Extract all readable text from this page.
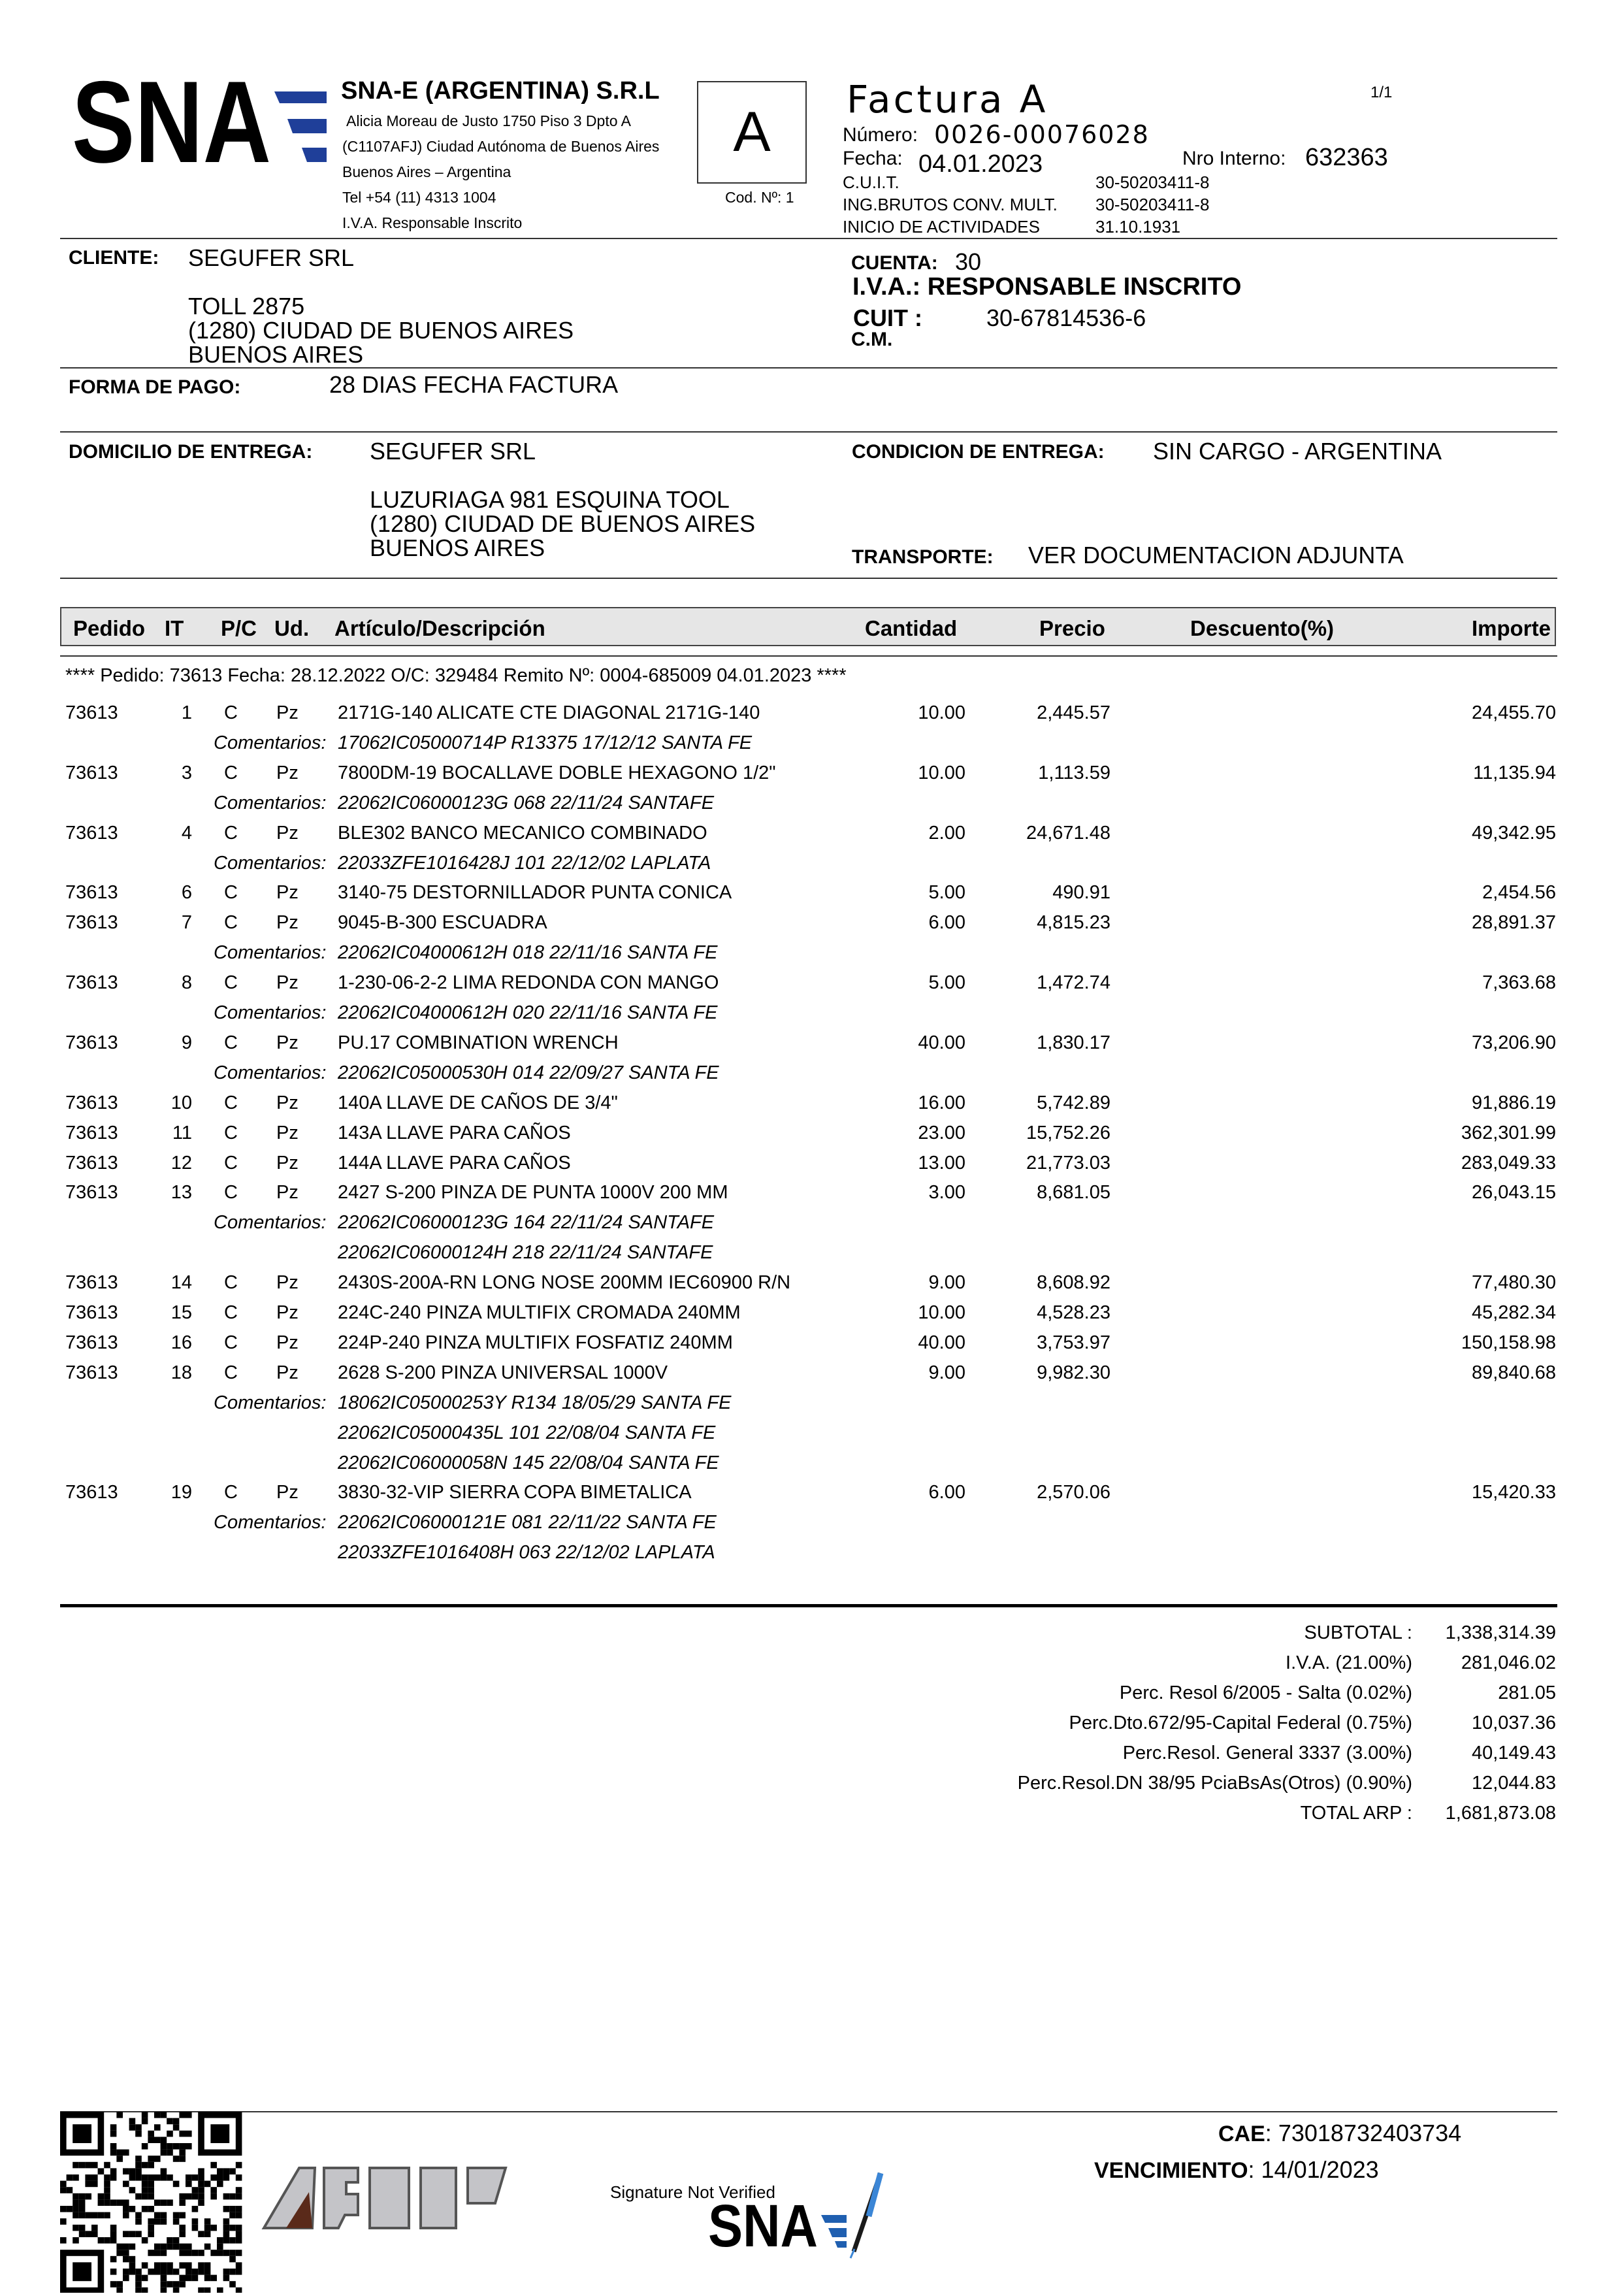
SNA	SNA-E (ARGENTINA) S.R.L
Alicia Moreau de Justo 1750 Piso 3 Dpto A
(C1107AFJ) Ciudad Autónoma de Buenos Aires
Buenos Aires – Argentina
Tel +54 (11) 4313 1004
I.V.A. Responsable Inscrito
A
Cod. Nº: 1
Factura A	1/1
Número: 0026-00076028
Fecha: 04.01.2023	Nro Interno: 632363
C.U.I.T.	30-50203411-8
ING.BRUTOS CONV. MULT. 30-50203411-8
INICIO DE ACTIVIDADES	31.10.1931
CLIENTE: SEGUFER SRL
TOLL 2875
(1280) CIUDAD DE BUENOS AIRES
BUENOS AIRES
CUENTA: 30
I.V.A.: RESPONSABLE INSCRITO
CUIT :	30-67814536-6
C.M.
FORMA DE PAGO:	28 DIAS FECHA FACTURA
DOMICILIO DE ENTREGA: SEGUFER SRL
LUZURIAGA 981 ESQUINA TOOL
(1280) CIUDAD DE BUENOS AIRES
BUENOS AIRES
CONDICION DE ENTREGA: SIN CARGO - ARGENTINA
TRANSPORTE: VER DOCUMENTACION ADJUNTA
Pedido IT P/C Ud. Artículo/Descripción	Cantidad	Precio	Descuento(%)	Importe
**** Pedido: 73613 Fecha: 28.12.2022 O/C: 329484 Remito Nº: 0004-685009 04.01.2023 ****
73613	1 C Pz 2171G-140 ALICATE CTE DIAGONAL 2171G-140	10.00	2,445.57	24,455.70
Comentarios: 17062IC05000714P R13375 17/12/12 SANTA FE
73613	3 C Pz 7800DM-19 BOCALLAVE DOBLE HEXAGONO 1/2"	10.00	1,113.59	11,135.94
Comentarios: 22062IC06000123G 068 22/11/24 SANTAFE
73613	4 C Pz BLE302 BANCO MECANICO COMBINADO	2.00	24,671.48	49,342.95
Comentarios: 22033ZFE1016428J 101 22/12/02 LAPLATA
73613	6 C Pz 3140-75 DESTORNILLADOR PUNTA CONICA	5.00	490.91	2,454.56
73613	7 C Pz 9045-B-300 ESCUADRA	6.00	4,815.23	28,891.37
Comentarios: 22062IC04000612H 018 22/11/16 SANTA FE
73613	8 C Pz 1-230-06-2-2 LIMA REDONDA CON MANGO	5.00	1,472.74	7,363.68
Comentarios: 22062IC04000612H 020 22/11/16 SANTA FE
73613	9 C Pz PU.17 COMBINATION WRENCH	40.00	1,830.17	73,206.90
Comentarios: 22062IC05000530H 014 22/09/27 SANTA FE
73613	10 C Pz 140A LLAVE DE CAÑOS DE 3/4"	16.00	5,742.89	91,886.19
73613	11 C Pz 143A LLAVE PARA CAÑOS	23.00	15,752.26	362,301.99
73613	12 C Pz 144A LLAVE PARA CAÑOS	13.00	21,773.03	283,049.33
73613	13 C Pz 2427 S-200 PINZA DE PUNTA 1000V 200 MM	3.00	8,681.05	26,043.15
Comentarios: 22062IC06000123G 164 22/11/24 SANTAFE
22062IC06000124H 218 22/11/24 SANTAFE
73613	14 C Pz 2430S-200A-RN LONG NOSE 200MM IEC60900 R/N	9.00	8,608.92	77,480.30
73613	15 C Pz 224C-240 PINZA MULTIFIX CROMADA 240MM	10.00	4,528.23	45,282.34
73613	16 C Pz 224P-240 PINZA MULTIFIX FOSFATIZ 240MM	40.00	3,753.97	150,158.98
73613	18 C Pz 2628 S-200 PINZA UNIVERSAL 1000V	9.00	9,982.30	89,840.68
Comentarios: 18062IC05000253Y R134 18/05/29 SANTA FE
22062IC05000435L 101 22/08/04 SANTA FE
22062IC06000058N 145 22/08/04 SANTA FE
73613	19 C Pz 3830-32-VIP SIERRA COPA BIMETALICA	6.00	2,570.06	15,420.33
Comentarios: 22062IC06000121E 081 22/11/22 SANTA FE
22033ZFE1016408H 063 22/12/02 LAPLATA
SUBTOTAL : 1,338,314.39
I.V.A. (21.00%)	281,046.02
Perc. Resol 6/2005 - Salta (0.02%)	281.05
Perc.Dto.672/95-Capital Federal (0.75%)	10,037.36
Perc.Resol. General 3337 (3.00%)	40,149.43
Perc.Resol.DN 38/95 PciaBsAs(Otros) (0.90%)	12,044.83
TOTAL ARP : 1,681,873.08
CAE: 73018732403734
VENCIMIENTO: 14/01/2023
Signature Not Verified
SNA
